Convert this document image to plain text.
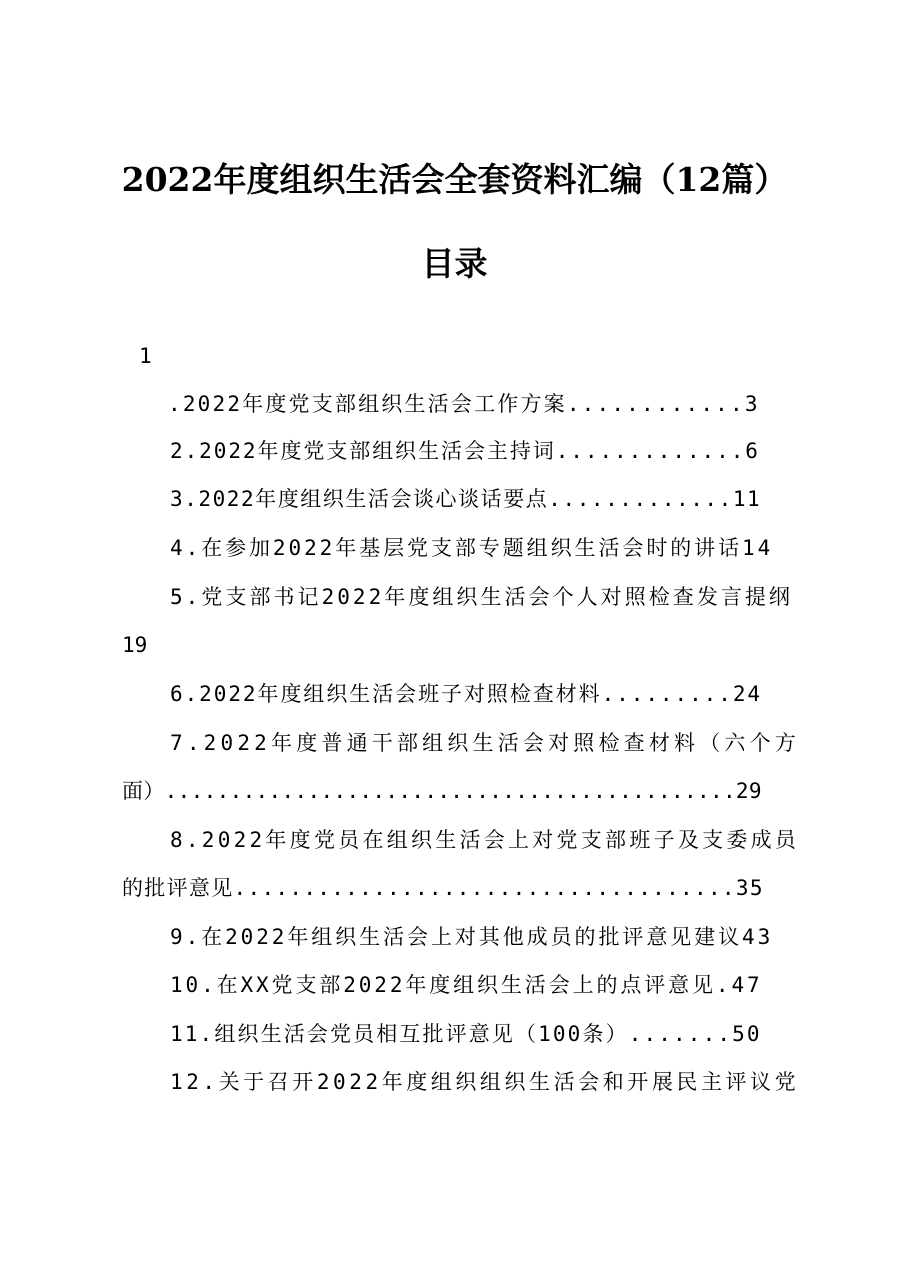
2022年度组织生活会全套资料汇编（12篇）
目录
1
.2022年度党支部组织生活会工作方案............3
2.2022年度党支部组织生活会主持词.............6
3.2022年度组织生活会谈心谈话要点.............11
4.在参加2022年基层党支部专题组织生活会时的讲话14
5.党支部书记2022年度组织生活会个人对照检查发言提纲
19
6.2022年度组织生活会班子对照检查材料.........24
7.2022年度普通干部组织生活会对照检查材料（六个方
面）............................................29
8.2022年度党员在组织生活会上对党支部班子及支委成员
的批评意见....................................35
9.在2022年组织生活会上对其他成员的批评意见建议43
10.在XX党支部2022年度组织生活会上的点评意见.47
11.组织生活会党员相互批评意见（100条）.......50
12.关于召开2022年度组织组织生活会和开展民主评议党
